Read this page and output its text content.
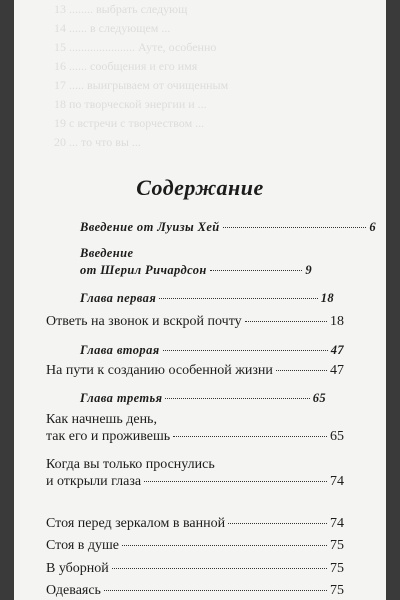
13 ........ выбрать следующ
14 ...... в следующем ...
15 ...................... Ауте, особенно
16 ...... сообщения и его имя
17 ..... выигрываем от очищенным
18 по творческой энергии и ...
19 с встречи с творчеством ...
20 ... то что вы ...
Содержание
Введение от Луизы Хей	6
Введение
от Шерил Ричардсон	9
Глава первая	18
Ответь на звонок и вскрой почту	18
Глава вторая	47
На пути к созданию особенной жизни	47
Глава третья	65
Как начнешь день,
так его и проживешь	65
Когда вы только проснулись
и открыли глаза	74
Стоя перед зеркалом в ванной	74
Стоя в душе	75
В уборной	75
Одеваясь	75
